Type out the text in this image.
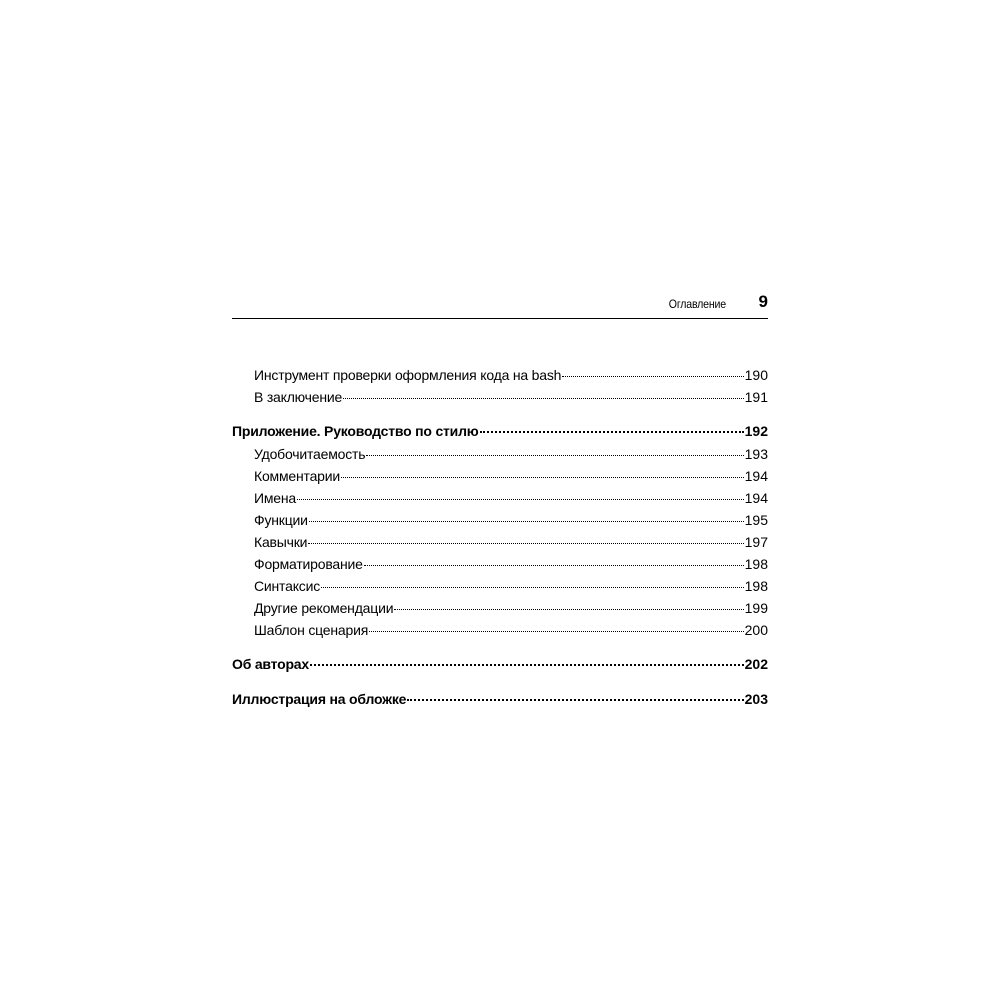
Оглавление 9
Инструмент проверки оформления кода на bash	190
В заключение	191
Приложение. Руководство по стилю	192
Удобочитаемость	193
Комментарии	194
Имена	194
Функции	195
Кавычки	197
Форматирование	198
Синтаксис	198
Другие рекомендации	199
Шаблон сценария	200
Об авторах	202
Иллюстрация на обложке	203
